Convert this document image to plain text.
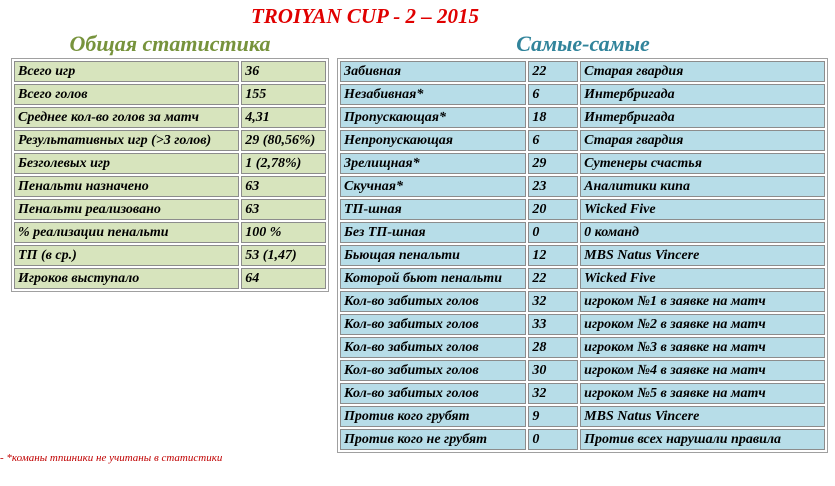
TROIYAN CUP - 2 – 2015
Общая статистика	Самые-самые
Всего игр	36
Всего голов	155
Среднее кол-во голов за матч	4,31
Результативных игр (>3 голов)	29 (80,56%)
Безголевых игр	1 (2,78%)
Пенальти назначено	63
Пенальти реализовано	63
% реализации пенальти	100 %
ТП (в ср.)	53 (1,47)
Игроков выступало	64
Забивная	22	Старая гвардия
Незабивная*	6	Интербригада
Пропускающая*	18	Интербригада
Непропускающая	6	Старая гвардия
Зрелищная*	29	Сутенеры счастья
Скучная*	23	Аналитики кипа
ТП-шная	20	Wicked Five
Без ТП-шная	0	0 команд
Бьющая пенальти	12	MBS Natus Vincere
Которой бьют пенальти	22	Wicked Five
Кол-во забитых голов	32	игроком №1 в заявке на матч
Кол-во забитых голов	33	игроком №2 в заявке на матч
Кол-во забитых голов	28	игроком №3 в заявке на матч
Кол-во забитых голов	30	игроком №4 в заявке на матч
Кол-во забитых голов	32	игроком №5 в заявке на матч
Против кого грубят	9	MBS Natus Vincere
Против кого не грубят	0	Против всех нарушали правила
- *команы тпшники не учитаны в статистики
